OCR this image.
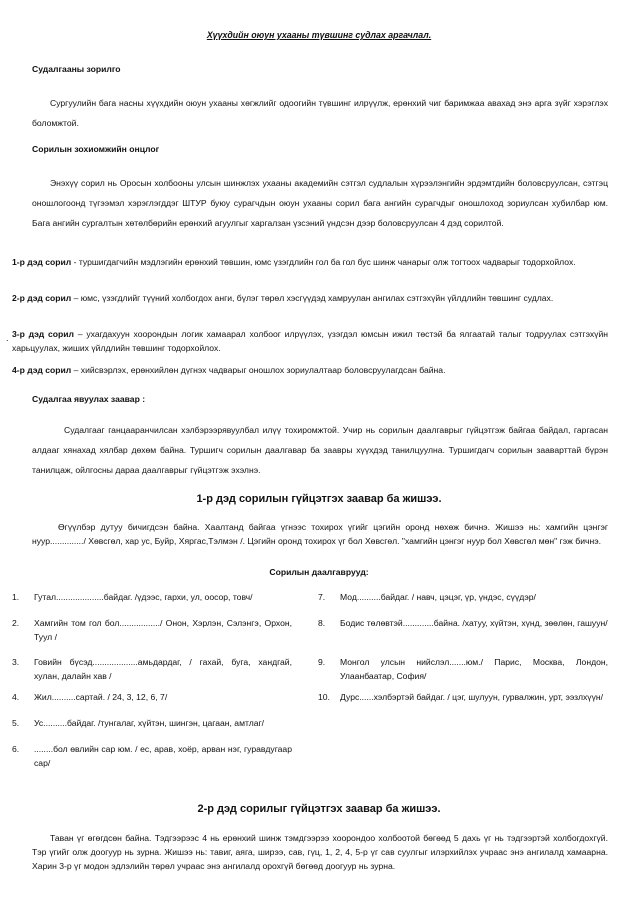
Хүүхдийн оюун ухааны түвшинг судлах аргачлал.
Судалгааны зорилго
Сургуулийн бага насны хүүхдийн оюун ухааны хөгжлийг одоогийн түвшинг илрүүлж, ерөнхий чиг баримжаа авахад энэ арга зүйг хэрэглэх боломжтой.
Сорилын зохиомжийн онцлог
Энэхүү сорил нь Оросын холбооны улсын шинжлэх ухааны академийн сэтгэл судлалын хүрээлэнгийн эрдэмтдийн боловсруулсан, сэтгэц оношлогоонд түгээмэл хэрэглэгддэг ШТУР буюу сурагчдын оюун ухааны сорил бага ангийн сурагчдыг оношлоход зориулсан хубилбар юм. Бага ангийн сургалтын хөтөлбөрийн ерөнхий агуулгыг харгалзан үзсэний үндсэн дээр боловсруулсан 4 дэд сорилтой.
1-р дэд сорил - туршигдагчийн мэдлэгийн ерөнхий төвшин, юмс үзэгдлийн гол ба гол бус шинж чанарыг олж тогтоох чадварыг тодорхойлох.
2-р дэд сорил – юмс, үзэгдлийг түүний холбогдох анги, бүлэг төрөл хэсгүүдэд хамруулан ангилах сэтгэхүйн үйлдлийн төвшинг судлах.
. 3-р дэд сорил – ухагдахуун хоорондын логик хамаарал холбоог илрүүлэх, үзэгдэл юмсын ижил төстэй ба ялгаатай талыг тодруулах сэтгэхүйн харьцуулах, жиших үйлдлийн төвшинг тодорхойлох.
4-р дэд сорил – хийсвэрлэх, ерөнхийлөн дүгнэх чадварыг оношлох зориулалтаар боловсруулагдсан байна.
Судалгаа явуулах заавар :
Судалгааг ганцааранчилсан хэлбэрээрявуулбал илүү тохиромжтой. Учир нь сорилын даалгаврыг гүйцэтгэж байгаа байдал, гаргасан алдааг хянахад хялбар дөхөм байна. Туршигч сорилын даалгавар ба заавры хүүхдэд танилцуулна. Туршигдагч сорилын зааварттай бүрэн танилцаж, ойлгосны дараа даалгаврыг гүйцэтгэж эхэлнэ.
1-р дэд сорилын гүйцэтгэх заавар ба жишээ.
Өгүүлбэр дутуу бичигдсэн байна. Хаалтанд байгаа үгнээс тохирох үгийг цэгийн оронд нөхөж бичнэ. Жишээ нь: хамгийн цэнгэг нуур............../ Хөвсгөл, хар ус, Буйр, Хяргас,Тэлмэн /. Цэгийн оронд тохирох үг бол Хөвсгөл. "хамгийн цэнгэг нуур бол Хөвсгөл мөн" гэж бичнэ.
Сорилын даалгаврууд:
1. Гутал....................байдаг. /үдээс, гархи, ул, оосор, товч/
2. Хамгийн том гол бол................./ Онон, Хэрлэн, Сэлэнгэ, Орхон, Туул /
3. Говийн бүсэд...................амьдардаг, / гахай, буга, хандгай, хулан, далайн хав /
4. Жил..........сартай. / 24, 3, 12, 6, 7/
5. Ус..........байдаг. /тунгалаг, хүйтэн, шингэн, цагаан, амтлаг/
6. ........бол өвлийн сар юм. / ес, арав, хоёр, арван нэг, гуравдугаар сар/
7. Мод..........байдаг. / навч, цэцэг, үр, үндэс, сүүдэр/
8. Бодис төлөвтэй.............байна. /хатуу, хүйтэн, хүнд, зөөлөн, гашуун/
9. Монгол улсын нийслэл.......юм./ Парис, Москва, Лондон, Улаанбаатар, София/
10. Дурс......хэлбэртэй байдаг. / цэг, шулуун, гурвалжин, урт, ээзлхүүн/
2-р дэд сорилыг гүйцэтгэх заавар ба жишээ.
Таван үг өгөгдсөн байна. Тэдгээрээс 4 нь ерөнхий шинж тэмдгээрээ хоорондоо холбоотой бөгөөд 5 дахь үг нь тэдгээртэй холбогдохгүй. Тэр үгийг олж доогуур нь зурна. Жишээ нь: тавиг, аяга, ширээ, сав, гүц, 1, 2, 4, 5-р үг сав суулгыг илэрхийлэх учраас энэ ангилалд хамаарна. Харин 3-р үг модон эдлэлийн төрөл учраас энэ ангилалд орохгүй бөгөөд доогуур нь зурна.
